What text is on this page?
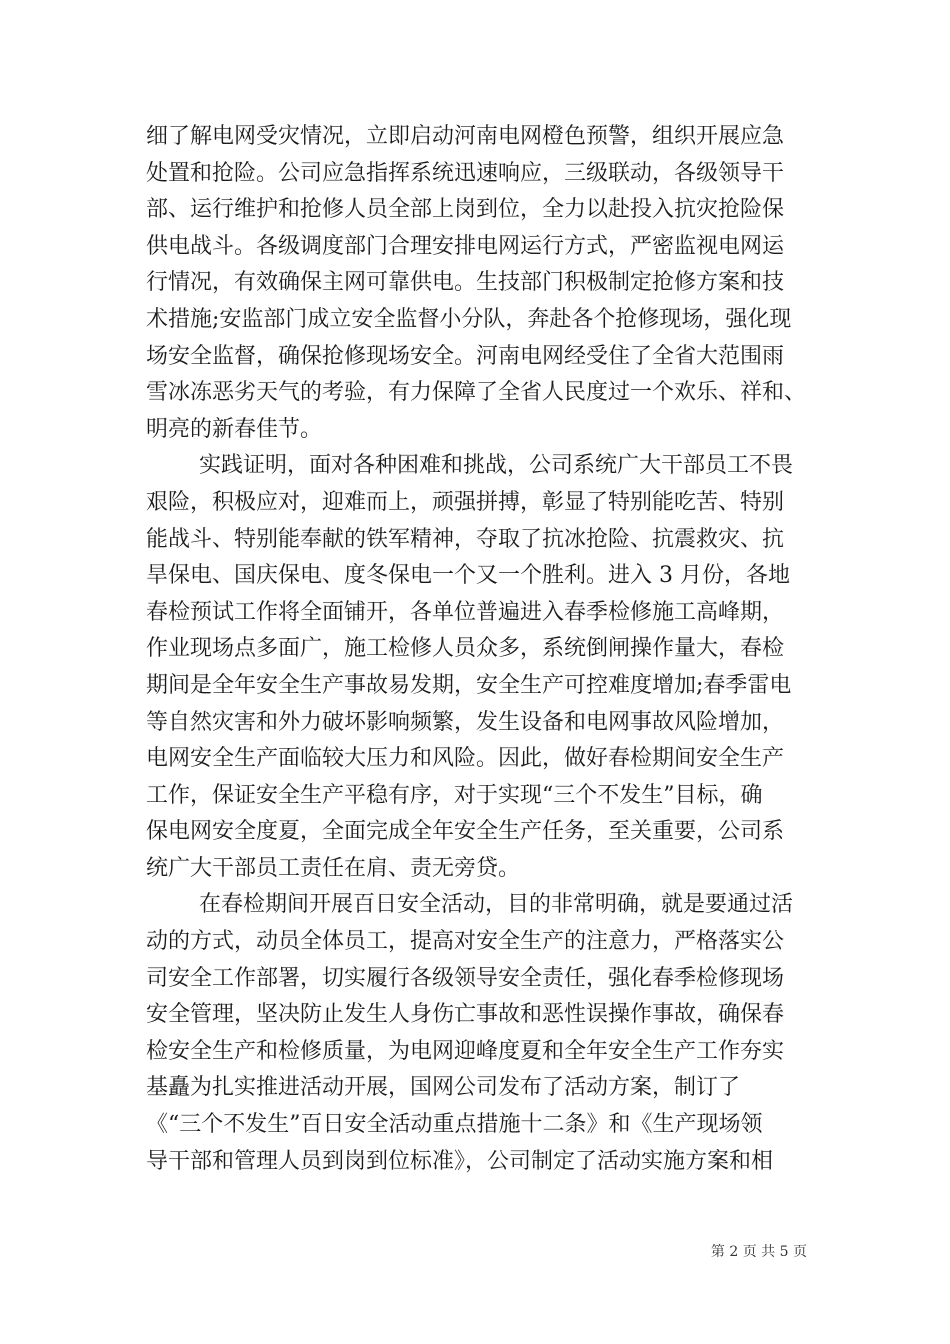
细了解电网受灾情况，立即启动河南电网橙色预警，组织开展应急
处置和抢险。公司应急指挥系统迅速响应，三级联动，各级领导干
部、运行维护和抢修人员全部上岗到位，全力以赴投入抗灾抢险保
供电战斗。各级调度部门合理安排电网运行方式，严密监视电网运
行情况，有效确保主网可靠供电。生技部门积极制定抢修方案和技
术措施;安监部门成立安全监督小分队，奔赴各个抢修现场，强化现
场安全监督，确保抢修现场安全。河南电网经受住了全省大范围雨
雪冰冻恶劣天气的考验，有力保障了全省人民度过一个欢乐、祥和、
明亮的新春佳节。
实践证明，面对各种困难和挑战，公司系统广大干部员工不畏
艰险，积极应对，迎难而上，顽强拼搏，彰显了特别能吃苦、特别
能战斗、特别能奉献的铁军精神，夺取了抗冰抢险、抗震救灾、抗
旱保电、国庆保电、度冬保电一个又一个胜利。进入 3 月份，各地
春检预试工作将全面铺开，各单位普遍进入春季检修施工高峰期，
作业现场点多面广，施工检修人员众多，系统倒闸操作量大，春检
期间是全年安全生产事故易发期，安全生产可控难度增加;春季雷电
等自然灾害和外力破坏影响频繁，发生设备和电网事故风险增加，
电网安全生产面临较大压力和风险。因此，做好春检期间安全生产
工作，保证安全生产平稳有序，对于实现“三个不发生”目标，确
保电网安全度夏，全面完成全年安全生产任务，至关重要，公司系
统广大干部员工责任在肩、责无旁贷。
在春检期间开展百日安全活动，目的非常明确，就是要通过活
动的方式，动员全体员工，提高对安全生产的注意力，严格落实公
司安全工作部署，切实履行各级领导安全责任，强化春季检修现场
安全管理，坚决防止发生人身伤亡事故和恶性误操作事故，确保春
检安全生产和检修质量，为电网迎峰度夏和全年安全生产工作夯实
基矗为扎实推进活动开展，国网公司发布了活动方案，制订了
《“三个不发生”百日安全活动重点措施十二条》和《生产现场领
导干部和管理人员到岗到位标准》，公司制定了活动实施方案和相
第 2 页 共 5 页
